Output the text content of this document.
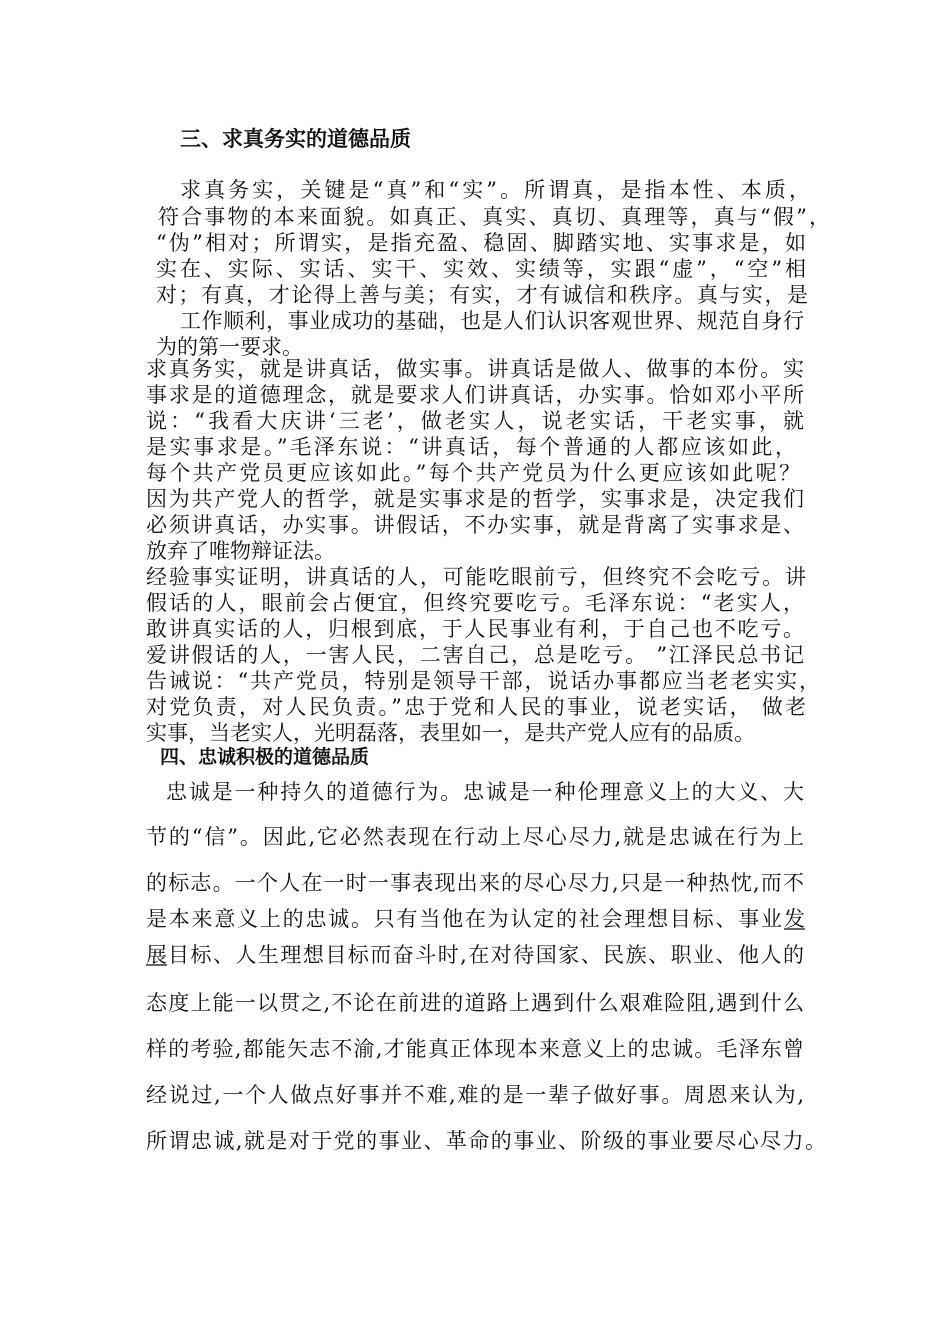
三、求真务实的道德品质
求真务实，关键是“真”和“实”。所谓真，是指本性、本质，
符合事物的本来面貌。如真正、真实、真切、真理等，真与“假”，
“伪”相对；所谓实，是指充盈、稳固、脚踏实地、实事求是，如
实在、实际、实话、实干、实效、实绩等，实跟“虚”，“空”相
对；有真，才论得上善与美；有实，才有诚信和秩序。真与实，是
工作顺利，事业成功的基础，也是人们认识客观世界、规范自身行
为的第一要求。
求真务实，就是讲真话，做实事。讲真话是做人、做事的本份。实
事求是的道德理念，就是要求人们讲真话，办实事。恰如邓小平所
说：“我看大庆讲‘三老’，做老实人，说老实话，干老实事，就
是实事求是。”毛泽东说：“讲真话，每个普通的人都应该如此，
每个共产党员更应该如此。”每个共产党员为什么更应该如此呢？
因为共产党人的哲学，就是实事求是的哲学，实事求是，决定我们
必须讲真话，办实事。讲假话，不办实事，就是背离了实事求是、
放弃了唯物辩证法。
经验事实证明，讲真话的人，可能吃眼前亏，但终究不会吃亏。讲
假话的人，眼前会占便宜，但终究要吃亏。毛泽东说：“老实人，
敢讲真实话的人，归根到底，于人民事业有利，于自己也不吃亏。
爱讲假话的人，一害人民，二害自己，总是吃亏。 ”江泽民总书记
告诫说：“共产党员，特别是领导干部，说话办事都应当老老实实，
对党负责，对人民负责。”忠于党和人民的事业，说老实话， 做老
实事，当老实人，光明磊落，表里如一，是共产党人应有的品质。
四、忠诚积极的道德品质
忠诚是一种持久的道德行为。忠诚是一种伦理意义上的大义、大
节的“信”。因此,它必然表现在行动上尽心尽力,就是忠诚在行为上
的标志。一个人在一时一事表现出来的尽心尽力,只是一种热忱,而不
是本来意义上的忠诚。只有当他在为认定的社会理想目标、事业 发
展 目标、人生理想目标而奋斗时,在对待国家、民族、职业、他人的
态度上能一以贯之,不论在前进的道路上遇到什么艰难险阻,遇到什么
样的考验,都能矢志不渝,才能真正体现本来意义上的忠诚。毛泽东曾
经说过,一个人做点好事并不难,难的是一辈子做好事。周恩来认为,
所谓忠诚,就是对于党的事业、革命的事业、阶级的事业要尽心尽力。
